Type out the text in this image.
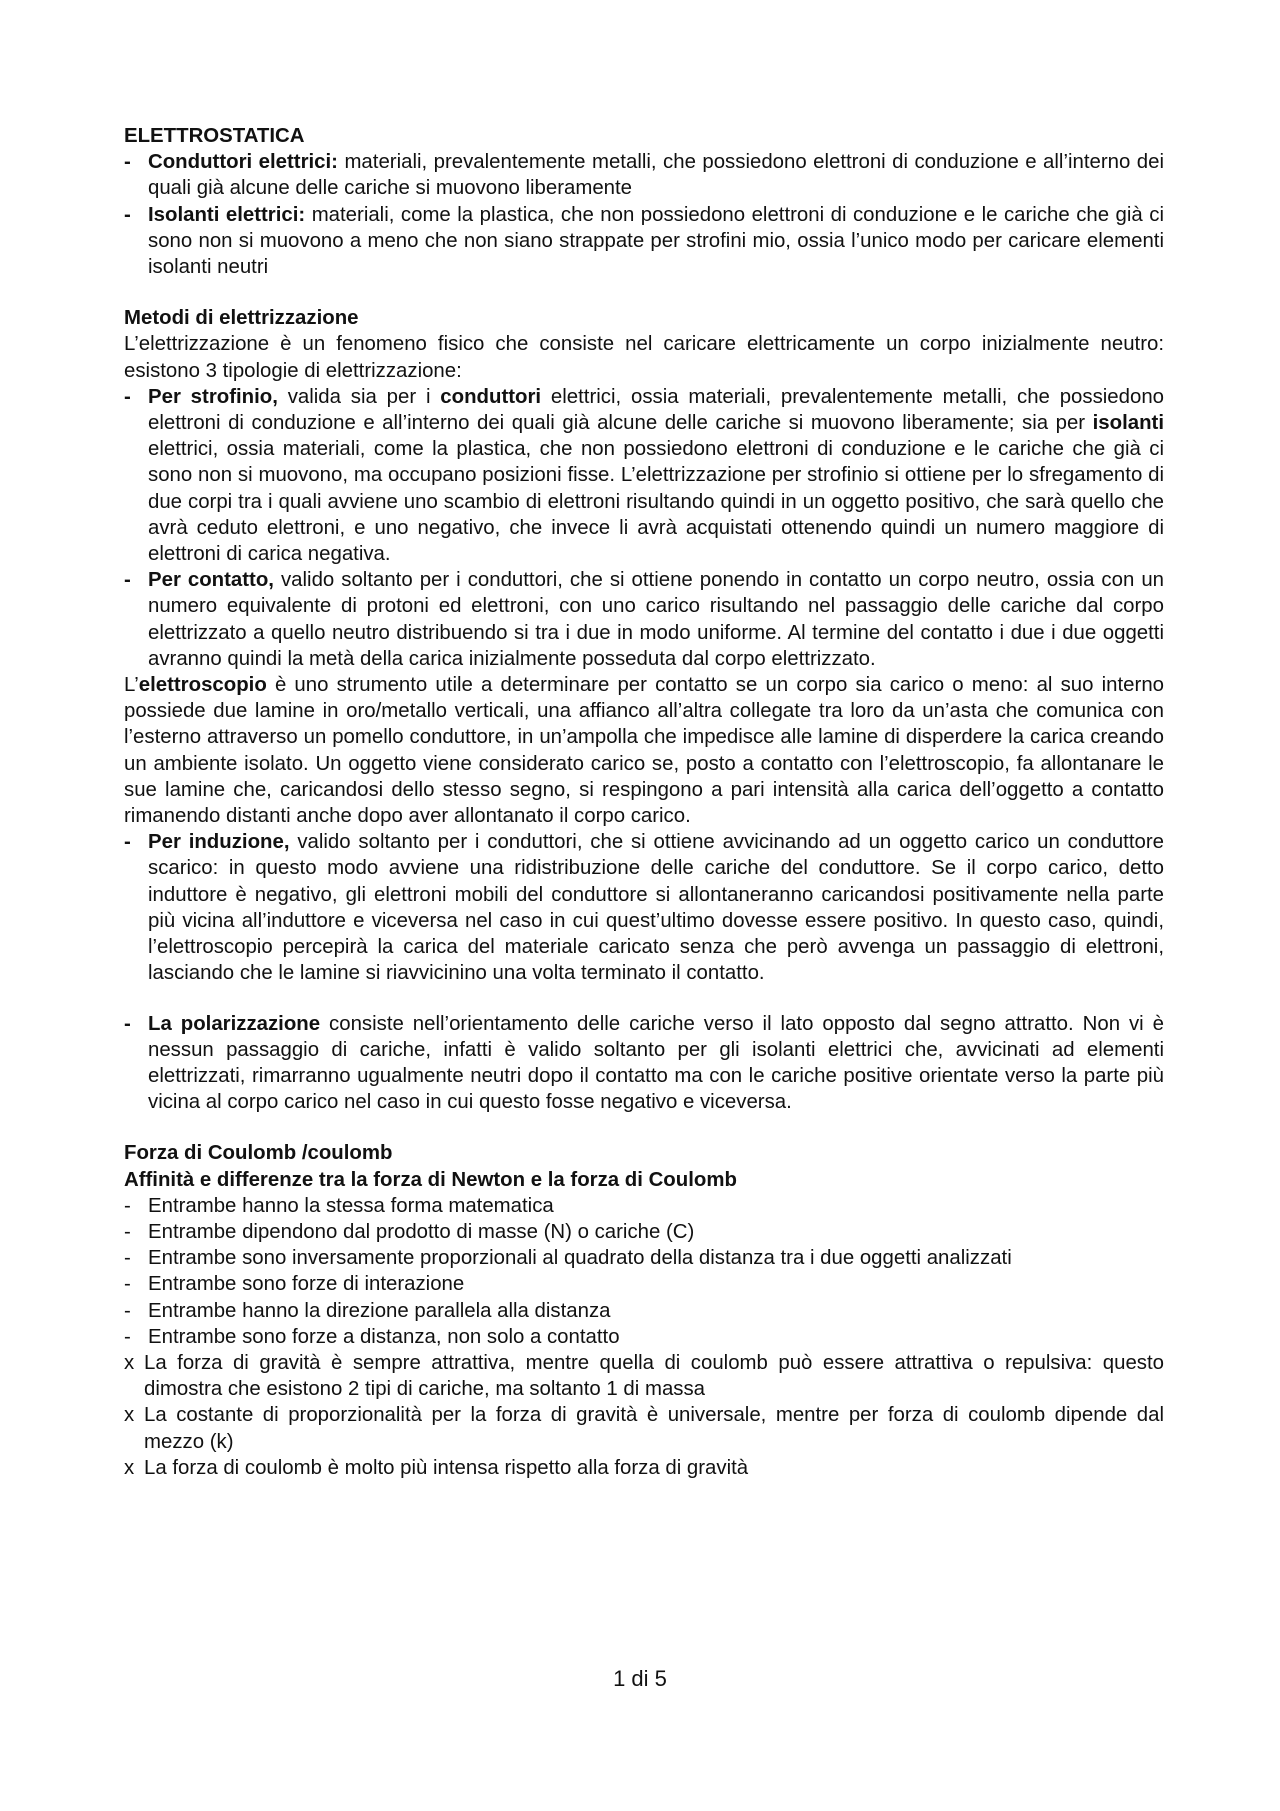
ELETTROSTATICA

- Conduttori elettrici: materiali, prevalentemente metalli, che possiedono elettroni di conduzione e all’interno dei quali già alcune delle cariche si muovono liberamente
- Isolanti elettrici: materiali, come la plastica, che non possiedono elettroni di conduzione e le cariche che già ci sono non si muovono a meno che non siano strappate per strofini mio, ossia l’unico modo per caricare elementi isolanti neutri

Metodi di elettrizzazione

L’elettrizzazione è un fenomeno fisico che consiste nel caricare elettricamente un corpo inizialmente neutro: esistono 3 tipologie di elettrizzazione:

- Per strofinio, valida sia per i conduttori elettrici, ossia materiali, prevalentemente metalli, che possiedono elettroni di conduzione e all’interno dei quali già alcune delle cariche si muovono liberamente; sia per isolanti elettrici, ossia materiali, come la plastica, che non possiedono elettroni di conduzione e le cariche che già ci sono non si muovono, ma occupano posizioni fisse. L’elettrizzazione per strofinio si ottiene per lo sfregamento di due corpi tra i quali avviene uno scambio di elettroni risultando quindi in un oggetto positivo, che sarà quello che avrà ceduto elettroni, e uno negativo, che invece li avrà acquistati ottenendo quindi un numero maggiore di elettroni di carica negativa.
- Per contatto, valido soltanto per i conduttori, che si ottiene ponendo in contatto un corpo neutro, ossia con un numero equivalente di protoni ed elettroni, con uno carico risultando nel passaggio delle cariche dal corpo elettrizzato a quello neutro distribuendo si tra i due in modo uniforme. Al termine del contatto i due i due oggetti avranno quindi la metà della carica inizialmente posseduta dal corpo elettrizzato.

L’elettroscopio è uno strumento utile a determinare per contatto se un corpo sia carico o meno: al suo interno possiede due lamine in oro/metallo verticali, una affianco all’altra collegate tra loro da un’asta che comunica con l’esterno attraverso un pomello conduttore, in un’ampolla che impedisce alle lamine di disperdere la carica creando un ambiente isolato. Un oggetto viene considerato carico se, posto a contatto con l’elettroscopio, fa allontanare le sue lamine che, caricandosi dello stesso segno, si respingono a pari intensità alla carica dell’oggetto a contatto rimanendo distanti anche dopo aver allontanato il corpo carico.

- Per induzione, valido soltanto per i conduttori, che si ottiene avvicinando ad un oggetto carico un conduttore scarico: in questo modo avviene una ridistribuzione delle cariche del conduttore. Se il corpo carico, detto induttore è negativo, gli elettroni mobili del conduttore si allontaneranno caricandosi positivamente nella parte più vicina all’induttore e viceversa nel caso in cui quest’ultimo dovesse essere positivo. In questo caso, quindi, l’elettroscopio percepirà la carica del materiale caricato senza che però avvenga un passaggio di elettroni, lasciando che le lamine si riavvicinino una volta terminato il contatto.
- La polarizzazione consiste nell’orientamento delle cariche verso il lato opposto dal segno attratto. Non vi è nessun passaggio di cariche, infatti è valido soltanto per gli isolanti elettrici che, avvicinati ad elementi elettrizzati, rimarranno ugualmente neutri dopo il contatto ma con le cariche positive orientate verso la parte più vicina al corpo carico nel caso in cui questo fosse negativo e viceversa.

Forza di Coulomb /coulomb

Affinità e differenze tra la forza di Newton e la forza di Coulomb

- Entrambe hanno la stessa forma matematica
- Entrambe dipendono dal prodotto di masse (N) o cariche (C)
- Entrambe sono inversamente proporzionali al quadrato della distanza tra i due oggetti analizzati
- Entrambe sono forze di interazione
- Entrambe hanno la direzione parallela alla distanza
- Entrambe sono forze a distanza, non solo a contatto
x La forza di gravità è sempre attrattiva, mentre quella di coulomb può essere attrattiva o repulsiva: questo dimostra che esistono 2 tipi di cariche, ma soltanto 1 di massa
x La costante di proporzionalità per la forza di gravità è universale, mentre per forza di coulomb dipende dal mezzo (k)
x La forza di coulomb è molto più intensa rispetto alla forza di gravità
1 di 5
